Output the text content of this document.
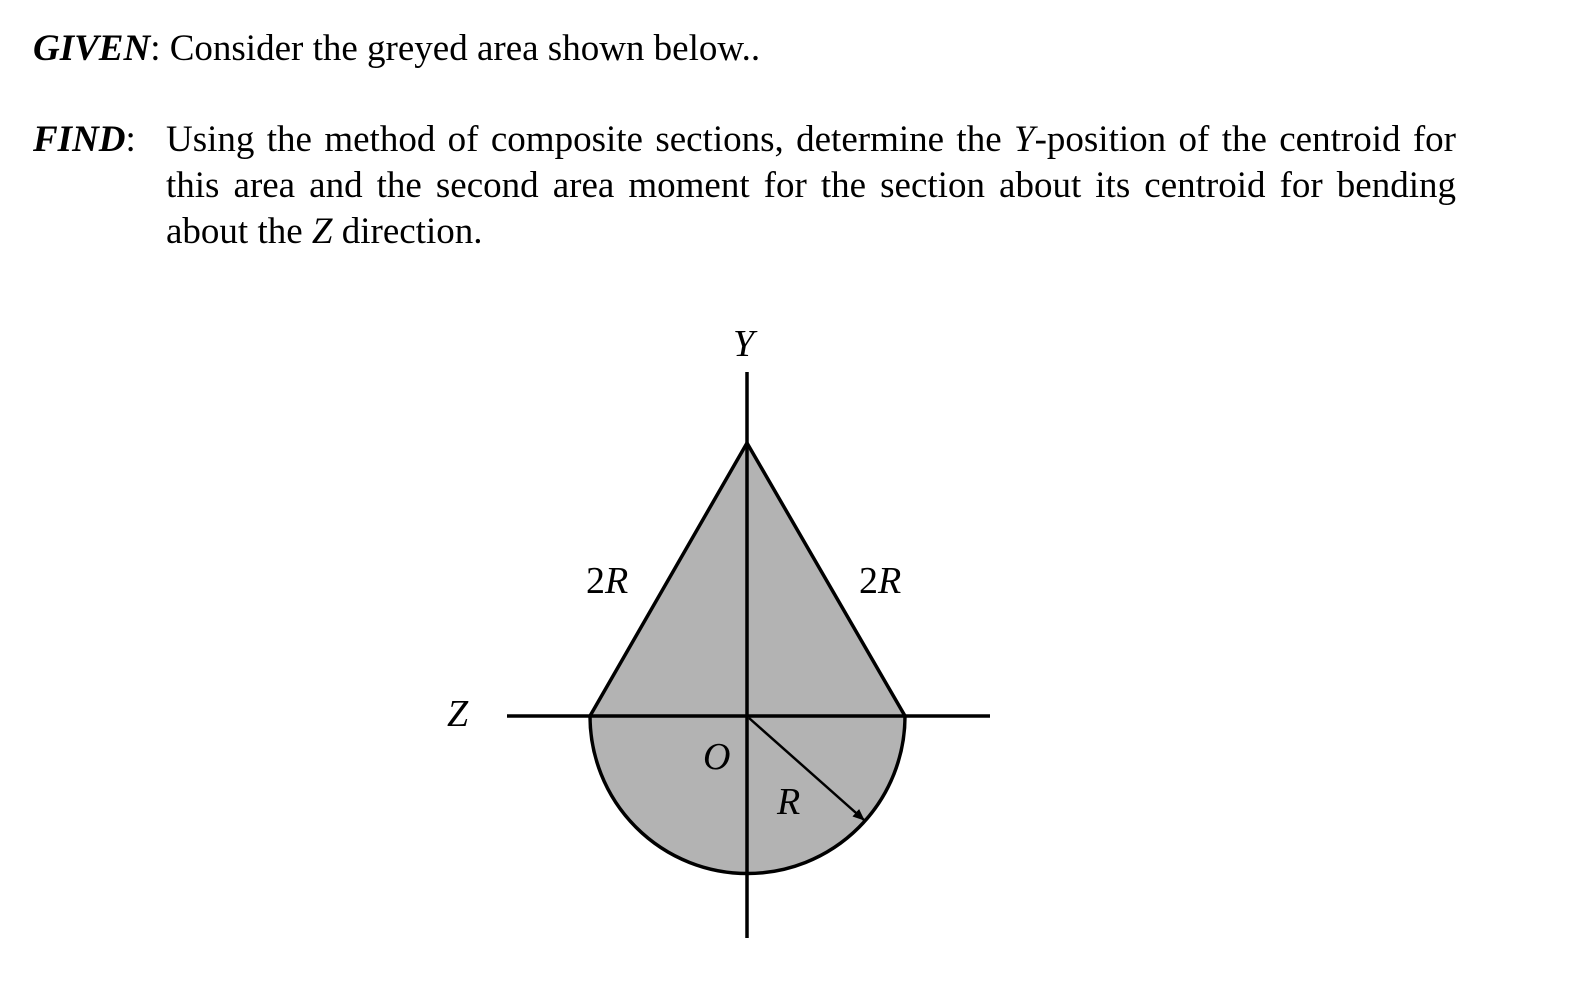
GIVEN: Consider the greyed area shown below..
FIND: Using the method of composite sections, determine the Y-position of the centroid for this area and the second area moment for the section about its centroid for bending about the Z direction.
Y
Z
O
2R	2R
R
